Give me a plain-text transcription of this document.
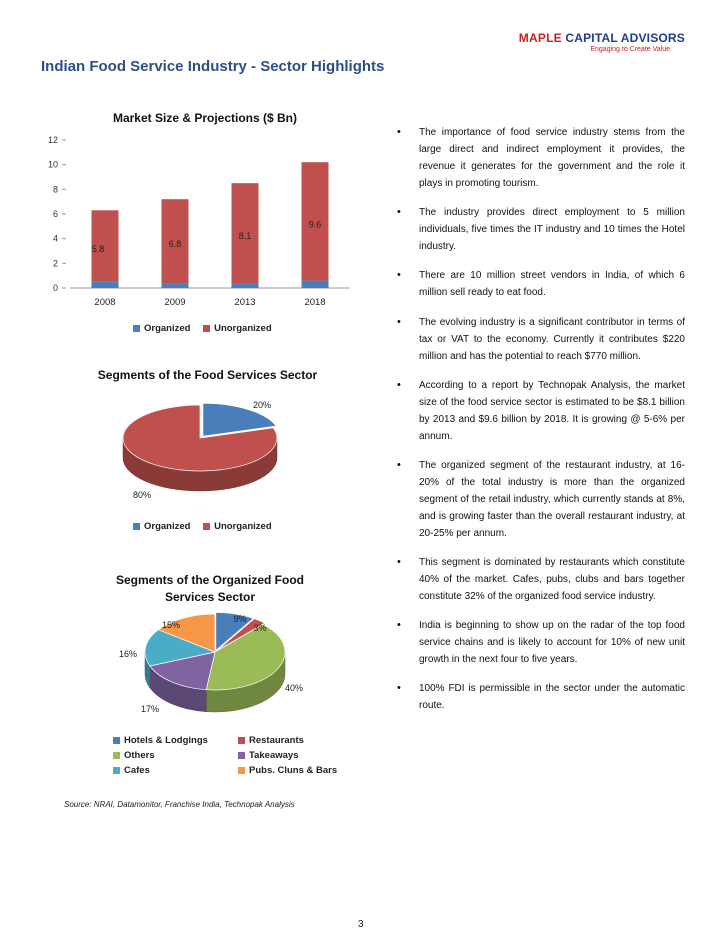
MAPLE CAPITAL ADVISORS
Engaging to Create Value
Indian Food Service Industry - Sector Highlights
Market Size & Projections ($ Bn)
0
2
4
6
8
10
12
2008	2009	2013	2018
5.8	6.8
8.1
9.6
Organized Unorganized
Segments of the Food Services Sector
20%
80%
Organized Unorganized
Segments of the Organized Food
Services Sector
9%
3%
40%
17%
16%
15%
Hotels & Lodgings	Restaurants
Others	Takeaways
Cafes	Pubs. Cluns & Bars
• The importance of food service industry stems from the large direct and indirect employment it provides, the revenue it generates for the government and the role it plays in promoting tourism.
• The industry provides direct employment to 5 million individuals, five times the IT industry and 10 times the Hotel industry.
• There are 10 million street vendors in India, of which 6 million sell ready to eat food.
• The evolving industry is a significant contributor in terms of tax or VAT to the economy. Currently it contributes $220 million and has the potential to reach $770 million.
• According to a report by Technopak Analysis, the market size of the food service sector is estimated to be $8.1 billion by 2013 and $9.6 billion by 2018. It is growing @ 5-6% per annum.
• The organized segment of the restaurant industry, at 16-20% of the total industry is more than the organized segment of the retail industry, which currently stands at 8%, and is growing faster than the overall restaurant industry, at 20-25% per annum.
• This segment is dominated by restaurants which constitute 40% of the market. Cafes, pubs, clubs and bars together constitute 32% of the organized food service industry.
• India is beginning to show up on the radar of the top food service chains and is likely to account for 10% of new unit growth in the next four to five years.
• 100% FDI is permissible in the sector under the automatic route.
Source: NRAI, Datamonitor, Franchise India, Technopak Analysis
3
